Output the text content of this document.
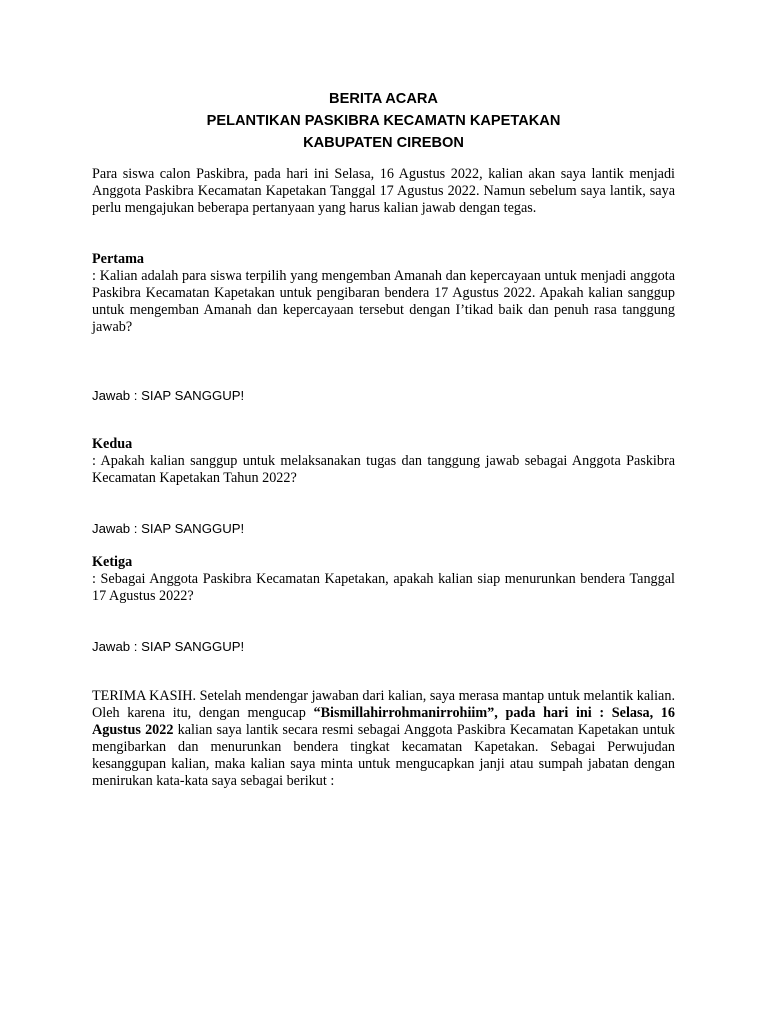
BERITA ACARA
PELANTIKAN PASKIBRA KECAMATN KAPETAKAN
KABUPATEN CIREBON

Para siswa calon Paskibra, pada hari ini Selasa, 16 Agustus 2022, kalian akan saya lantik menjadi Anggota Paskibra Kecamatan Kapetakan Tanggal 17 Agustus 2022. Namun sebelum saya lantik, saya perlu mengajukan beberapa pertanyaan yang harus kalian jawab dengan tegas.

Pertama
: Kalian adalah para siswa terpilih yang mengemban Amanah dan kepercayaan untuk menjadi anggota Paskibra Kecamatan Kapetakan untuk pengibaran bendera 17 Agustus 2022. Apakah kalian sanggup untuk mengemban Amanah dan kepercayaan tersebut dengan I’tikad baik dan penuh rasa tanggung jawab?
Jawab : SIAP SANGGUP!
Kedua
: Apakah kalian sanggup untuk melaksanakan tugas dan tanggung jawab sebagai Anggota Paskibra Kecamatan Kapetakan Tahun 2022?
Jawab : SIAP SANGGUP!
Ketiga
: Sebagai Anggota Paskibra Kecamatan Kapetakan, apakah kalian siap menurunkan bendera Tanggal 17 Agustus 2022?
Jawab : SIAP SANGGUP!

TERIMA KASIH. Setelah mendengar jawaban dari kalian, saya merasa mantap untuk melantik kalian. Oleh karena itu, dengan mengucap “Bismillahirrohmanirrohiim”, pada hari ini : Selasa, 16 Agustus 2022 kalian saya lantik secara resmi sebagai Anggota Paskibra Kecamatan Kapetakan untuk mengibarkan dan menurunkan bendera tingkat kecamatan Kapetakan. Sebagai Perwujudan kesanggupan kalian, maka kalian saya minta untuk mengucapkan janji atau sumpah jabatan dengan menirukan kata-kata saya sebagai berikut :
